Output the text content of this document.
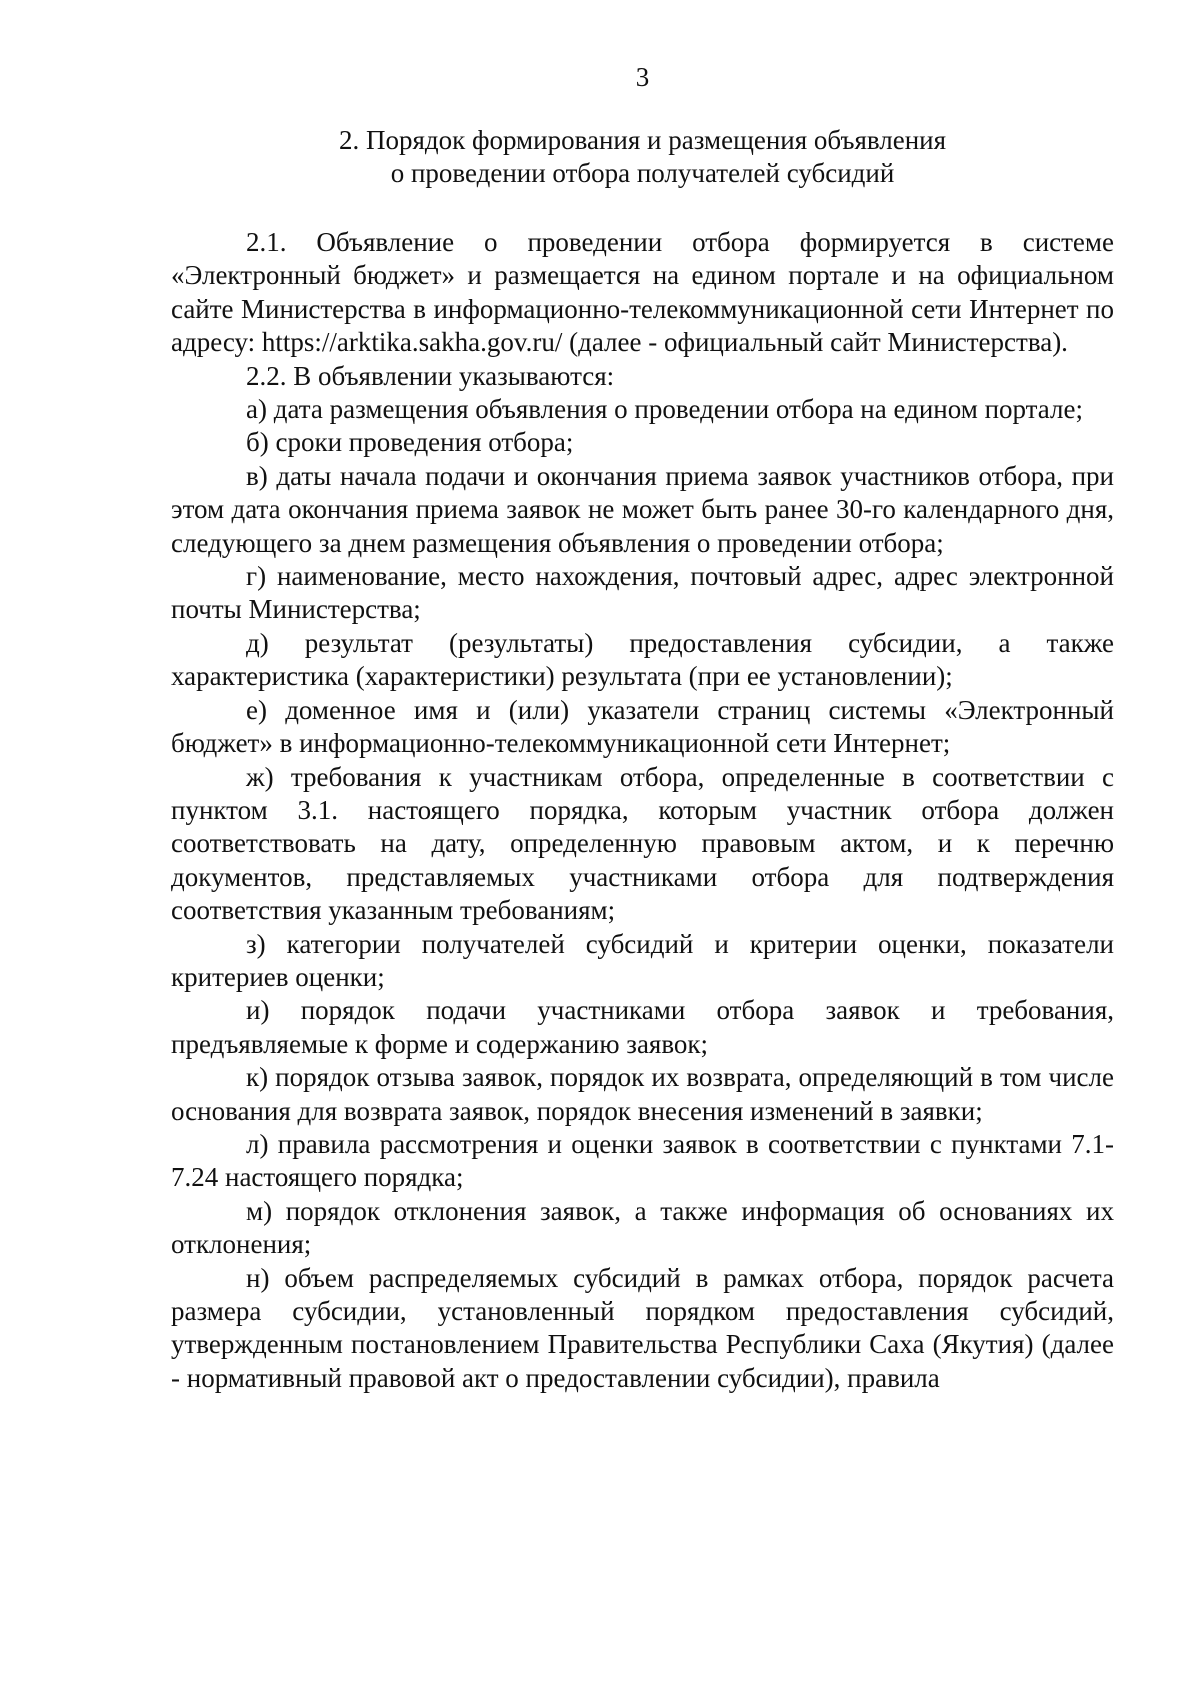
3
2. Порядок формирования и размещения объявления
о проведении отбора получателей субсидий

2.1. Объявление о проведении отбора формируется в системе «Электронный бюджет» и размещается на едином портале и на официальном сайте Министерства в информационно-телекоммуникационной сети Интернет по адресу: https://arktika.sakha.gov.ru/ (далее - официальный сайт Министерства).

2.2. В объявлении указываются:

а) дата размещения объявления о проведении отбора на едином портале;

б) сроки проведения отбора;

в) даты начала подачи и окончания приема заявок участников отбора, при этом дата окончания приема заявок не может быть ранее 30-го календарного дня, следующего за днем размещения объявления о проведении отбора;

г) наименование, место нахождения, почтовый адрес, адрес электронной почты Министерства;

д) результат (результаты) предоставления субсидии, а также характеристика (характеристики) результата (при ее установлении);

е) доменное имя и (или) указатели страниц системы «Электронный бюджет» в информационно-телекоммуникационной сети Интернет;

ж) требования к участникам отбора, определенные в соответствии с пунктом 3.1. настоящего порядка, которым участник отбора должен соответствовать на дату, определенную правовым актом, и к перечню документов, представляемых участниками отбора для подтверждения соответствия указанным требованиям;

з) категории получателей субсидий и критерии оценки, показатели критериев оценки;

и) порядок подачи участниками отбора заявок и требования, предъявляемые к форме и содержанию заявок;

к) порядок отзыва заявок, порядок их возврата, определяющий в том числе основания для возврата заявок, порядок внесения изменений в заявки;

л) правила рассмотрения и оценки заявок в соответствии с пунктами 7.1-7.24 настоящего порядка;

м) порядок отклонения заявок, а также информация об основаниях их отклонения;

н) объем распределяемых субсидий в рамках отбора, порядок расчета размера субсидии, установленный порядком предоставления субсидий, утвержденным постановлением Правительства Республики Саха (Якутия) (далее - нормативный правовой акт о предоставлении субсидии), правила
